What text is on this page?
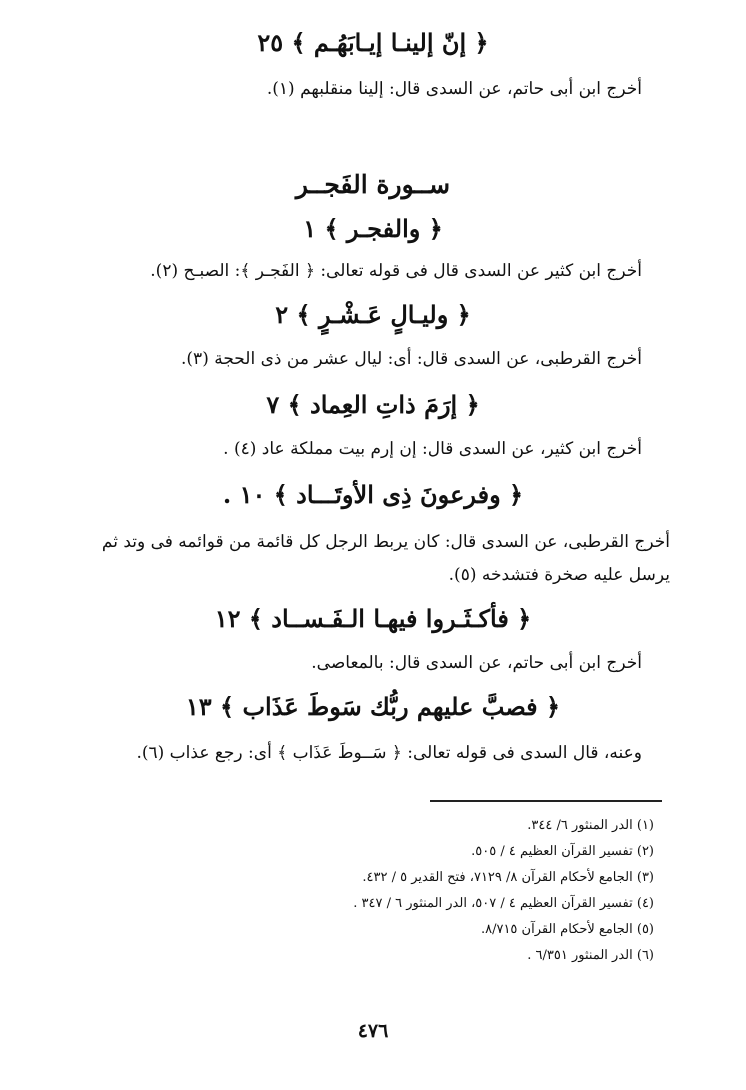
﴿ إنّ إلينـا إيـابَهُـم ﴾ ٢٥
أخرج ابن أبى حاتم، عن السدى قال: إلينا منقلبهم (١).
ســورة الفَجــر
﴿ والفجـر ﴾ ١
أخرج ابن كثير عن السدى قال فى قوله تعالى: ﴿ الفَجـر ﴾: الصبـح (٢).
﴿ وليـالٍ عَـشْـرٍ ﴾ ٢
أخرج القرطبى، عن السدى قال: أى: ليال عشر من ذى الحجة (٣).
﴿ إرَمَ ذاتِ العِماد ﴾ ٧
أخرج ابن كثير، عن السدى قال: إن إرم بيت مملكة عاد (٤) .
﴿ وفرعونَ ذِى الأوتَـــاد ﴾ ١٠ .
أخرج القرطبى، عن السدى قال: كان يربط الرجل كل قائمة من قوائمه فى وتد ثم يرسل عليه صخرة فتشدخه (٥).
﴿ فأكـثَـروا فيهـا الـفَـســاد ﴾ ١٢
أخرج ابن أبى حاتم، عن السدى قال: بالمعاصى.
﴿ فصبَّ عليهم ربُّك سَوطَ عَذَاب ﴾ ١٣
وعنه، قال السدى فى قوله تعالى: ﴿ سَــوطَ عَذَاب ﴾ أى: رجع عذاب (٦).
(١) الدر المنثور ٦/ ٣٤٤.
(٢) تفسير القرآن العظيم ٤ / ٥٠٥.
(٣) الجامع لأحكام القرآن ٨/ ٧١٢٩، فتح القدير ٥ / ٤٣٢.
(٤) تفسير القرآن العظيم ٤ / ٥٠٧، الدر المنثور ٦ / ٣٤٧ .
(٥) الجامع لأحكام القرآن ٨/٧١٥.
(٦) الدر المنثور ٦/٣٥١ .
٤٧٦
